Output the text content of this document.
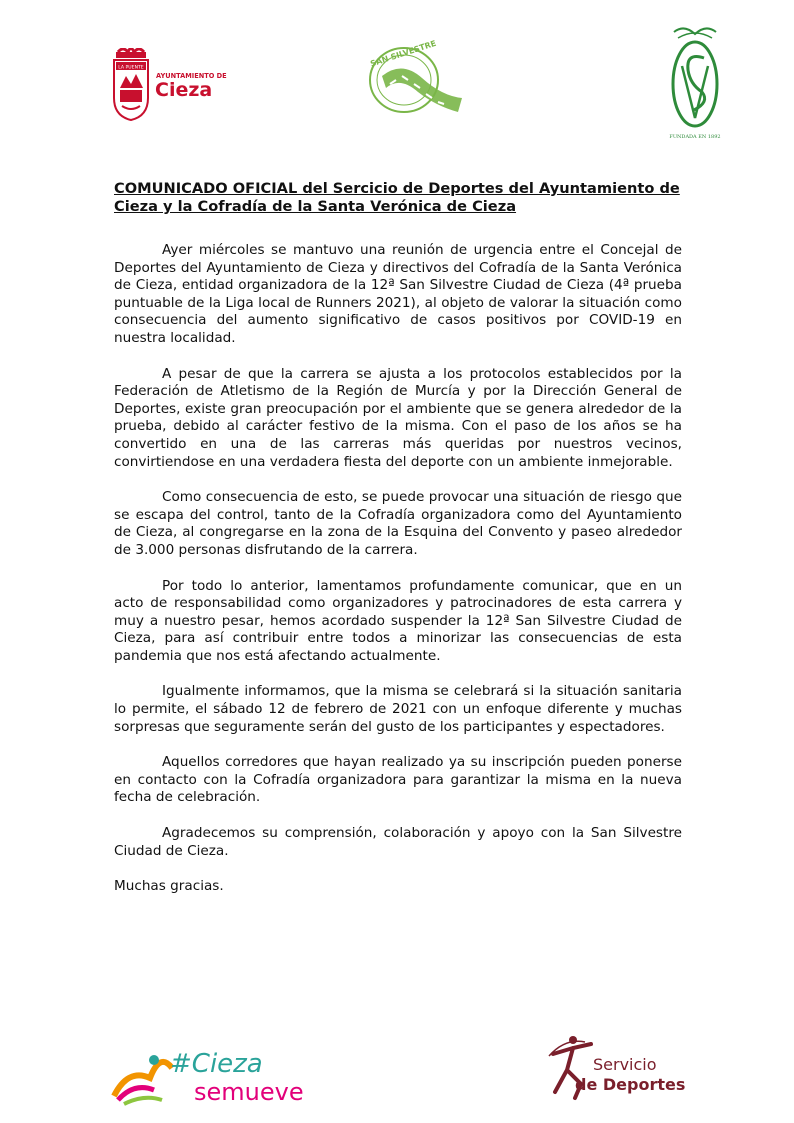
LA PUENTE
AYUNTAMIENTO DE
Cieza
SAN SILVESTRE
FUNDADA EN 1892

COMUNICADO OFICIAL del Sercicio de Deportes del Ayuntamiento de Cieza y la Cofradía de la Santa Verónica de Cieza

Ayer miércoles se mantuvo una reunión de urgencia entre el Concejal de Deportes del Ayuntamiento de Cieza y directivos del Cofradía de la Santa Verónica de Cieza, entidad organizadora de la 12ª San Silvestre Ciudad de Cieza (4ª prueba puntuable de la Liga local de Runners 2021), al objeto de valorar la situación como consecuencia del aumento significativo de casos positivos por COVID-19 en nuestra localidad.

A pesar de que la carrera se ajusta a los protocolos establecidos por la Federación de Atletismo de la Región de Murcía y por la Dirección General de Deportes, existe gran preocupación por el ambiente que se genera alrededor de la prueba, debido al carácter festivo de la misma. Con el paso de los años se ha convertido en una de las carreras más queridas por nuestros vecinos, convirtiendose en una verdadera fiesta del deporte con un ambiente inmejorable.

Como consecuencia de esto, se puede provocar una situación de riesgo que se escapa del control, tanto de la Cofradía organizadora como del Ayuntamiento de Cieza, al congregarse en la zona de la Esquina del Convento y paseo alrededor de 3.000 personas disfrutando de la carrera.

Por todo lo anterior, lamentamos profundamente comunicar, que en un acto de responsabilidad como organizadores y patrocinadores de esta carrera y muy a nuestro pesar, hemos acordado suspender la 12ª San Silvestre Ciudad de Cieza, para así contribuir entre todos a minorizar las consecuencias de esta pandemia que nos está afectando actualmente.

Igualmente informamos, que la misma se celebrará si la situación sanitaria lo permite, el sábado 12 de febrero de 2021 con un enfoque diferente y muchas sorpresas que seguramente serán del gusto de los participantes y espectadores.

Aquellos corredores que hayan realizado ya su inscripción pueden ponerse en contacto con la Cofradía organizadora para garantizar la misma en la nueva fecha de celebración.

Agradecemos su comprensión, colaboración y apoyo con la San Silvestre Ciudad de Cieza.

Muchas gracias.

#Cieza
semueve
Servicio
de Deportes
